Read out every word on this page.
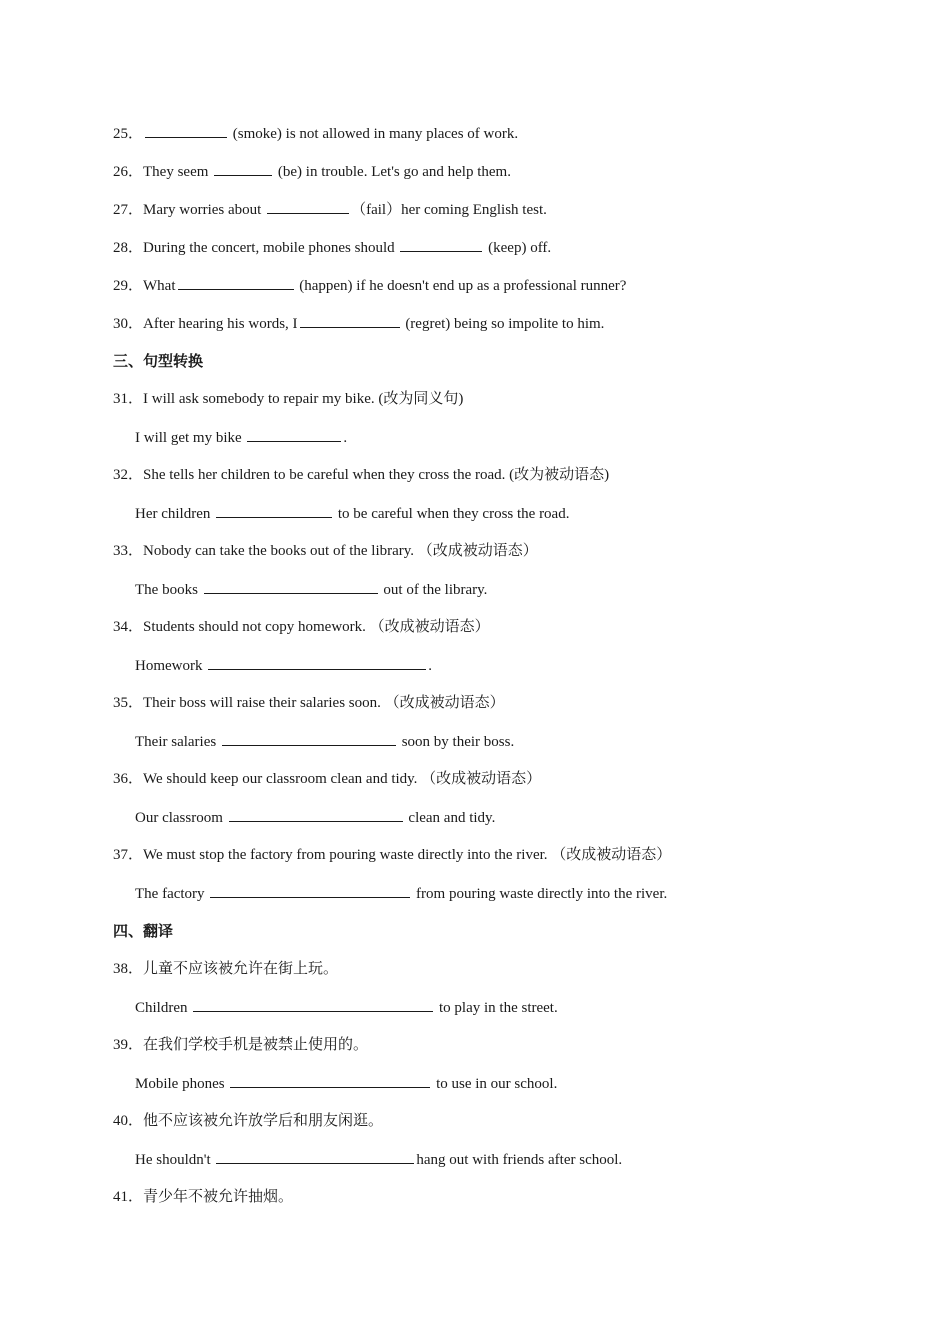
25．	(smoke) is not allowed in many places of work.
26．They seem	(be) in trouble. Let's go and help them.
27．Mary worries about	（fail）her coming English test.
28．During the concert, mobile phones should	(keep) off.
29．What	(happen) if he doesn't end up as a professional runner?
30．After hearing his words, I	(regret) being so impolite to him.
三、句型转换
31．I will ask somebody to repair my bike. (改为同义句)
I will get my bike	.
32．She tells her children to be careful when they cross the road. (改为被动语态)
Her children	to be careful when they cross the road.
33．Nobody can take the books out of the library. （改成被动语态）
The books	out of the library.
34．Students should not copy homework. （改成被动语态）
Homework	.
35．Their boss will raise their salaries soon. （改成被动语态）
Their salaries	soon by their boss.
36．We should keep our classroom clean and tidy. （改成被动语态）
Our classroom	clean and tidy.
37．We must stop the factory from pouring waste directly into the river. （改成被动语态）
The factory	from pouring waste directly into the river.
四、翻译
38．儿童不应该被允许在街上玩。
Children	to play in the street.
39．在我们学校手机是被禁止使用的。
Mobile phones	to use in our school.
40．他不应该被允许放学后和朋友闲逛。
He shouldn't	hang out with friends after school.
41．青少年不被允许抽烟。
